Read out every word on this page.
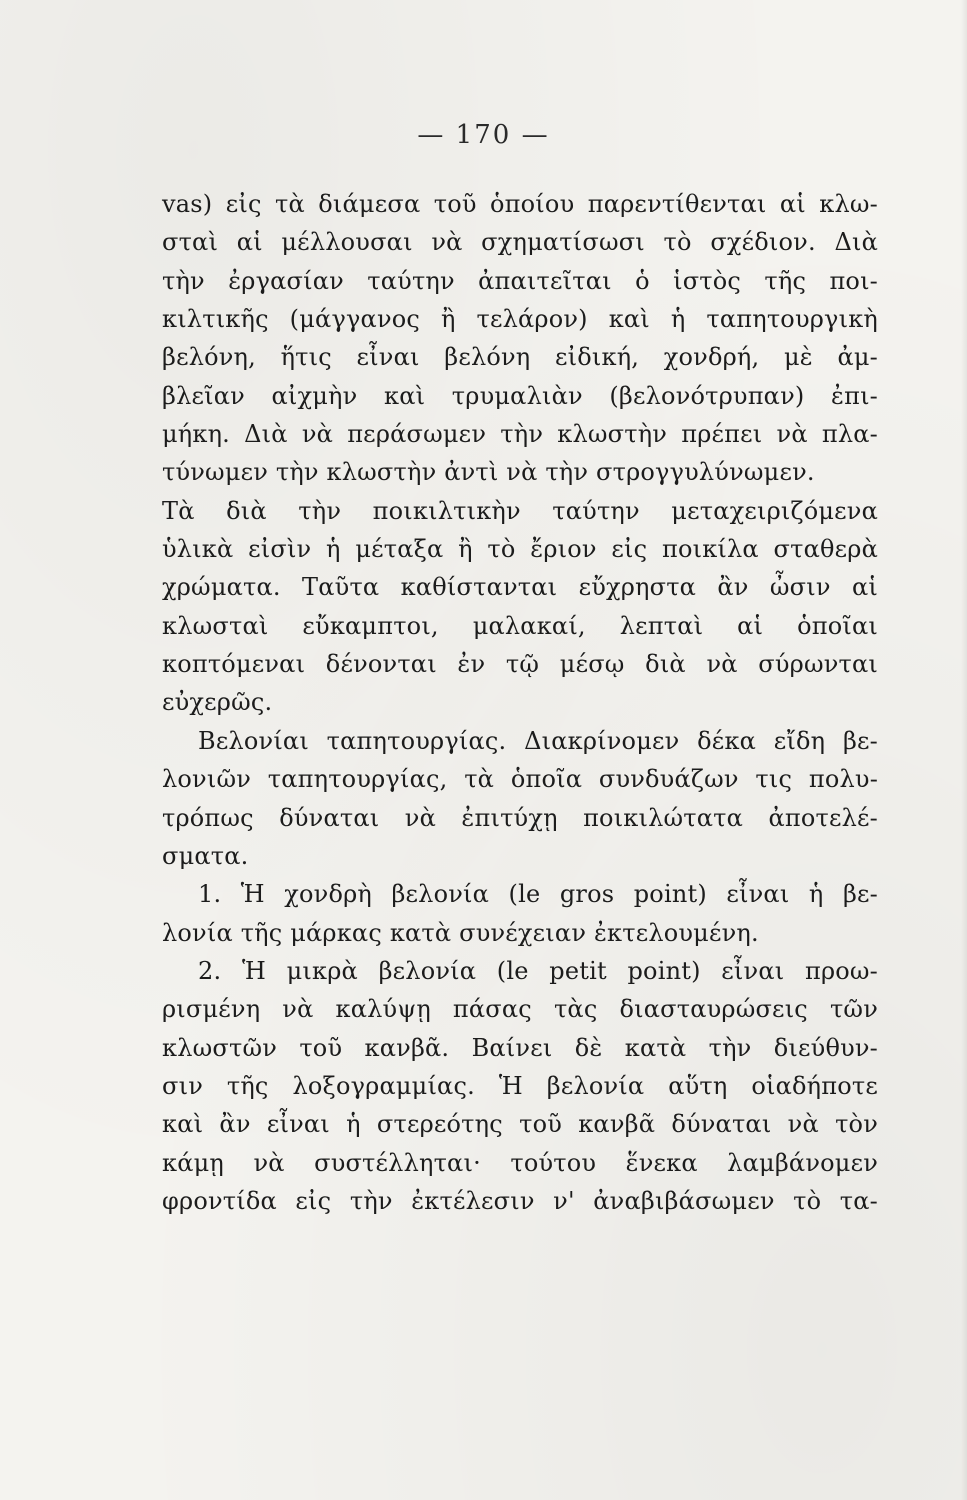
— 170 —
vas) εἰς τὰ διάμεσα τοῦ ὁποίου παρεντίθενται αἱ κλω-
σταὶ αἱ μέλλουσαι νὰ σχηματίσωσι τὸ σχέδιον. Διὰ
τὴν ἐργασίαν ταύτην ἀπαιτεῖται ὁ ἱστὸς τῆς ποι-
κιλτικῆς (μάγγανος ἢ τελάρον) καὶ ἡ ταπητουργικὴ
βελόνη, ἥτις εἶναι βελόνη εἰδική, χονδρή, μὲ ἀμ-
βλεῖαν αἰχμὴν καὶ τρυμαλιὰν (βελονότρυπαν) ἐπι-
μήκη. Διὰ νὰ περάσωμεν τὴν κλωστὴν πρέπει νὰ πλα-
τύνωμεν τὴν κλωστὴν ἀντὶ νὰ τὴν στρογγυλύνωμεν.
Τὰ διὰ τὴν ποικιλτικὴν ταύτην μεταχειριζόμενα
ὑλικὰ εἰσὶν ἡ μέταξα ἢ τὸ ἔριον εἰς ποικίλα σταθερὰ
χρώματα. Ταῦτα καθίστανται εὔχρηστα ἂν ὦσιν αἱ
κλωσταὶ εὔκαμπτοι, μαλακαί, λεπταὶ αἱ ὁποῖαι
κοπτόμεναι δένονται ἐν τῷ μέσῳ διὰ νὰ σύρωνται
εὐχερῶς.
Βελονίαι ταπητουργίας. Διακρίνομεν δέκα εἴδη βε-
λονιῶν ταπητουργίας, τὰ ὁποῖα συνδυάζων τις πολυ-
τρόπως δύναται νὰ ἐπιτύχῃ ποικιλώτατα ἀποτελέ-
σματα.
1. Ἡ χονδρὴ βελονία (le gros point) εἶναι ἡ βε-
λονία τῆς μάρκας κατὰ συνέχειαν ἐκτελουμένη.
2. Ἡ μικρὰ βελονία (le petit point) εἶναι προω-
ρισμένη νὰ καλύψῃ πάσας τὰς διασταυρώσεις τῶν
κλωστῶν τοῦ κανβᾶ. Βαίνει δὲ κατὰ τὴν διεύθυν-
σιν τῆς λοξογραμμίας. Ἡ βελονία αὕτη οἱαδήποτε
καὶ ἂν εἶναι ἡ στερεότης τοῦ κανβᾶ δύναται νὰ τὸν
κάμῃ νὰ συστέλληται· τούτου ἕνεκα λαμβάνομεν
φροντίδα εἰς τὴν ἐκτέλεσιν ν' ἀναβιβάσωμεν τὸ τα-
